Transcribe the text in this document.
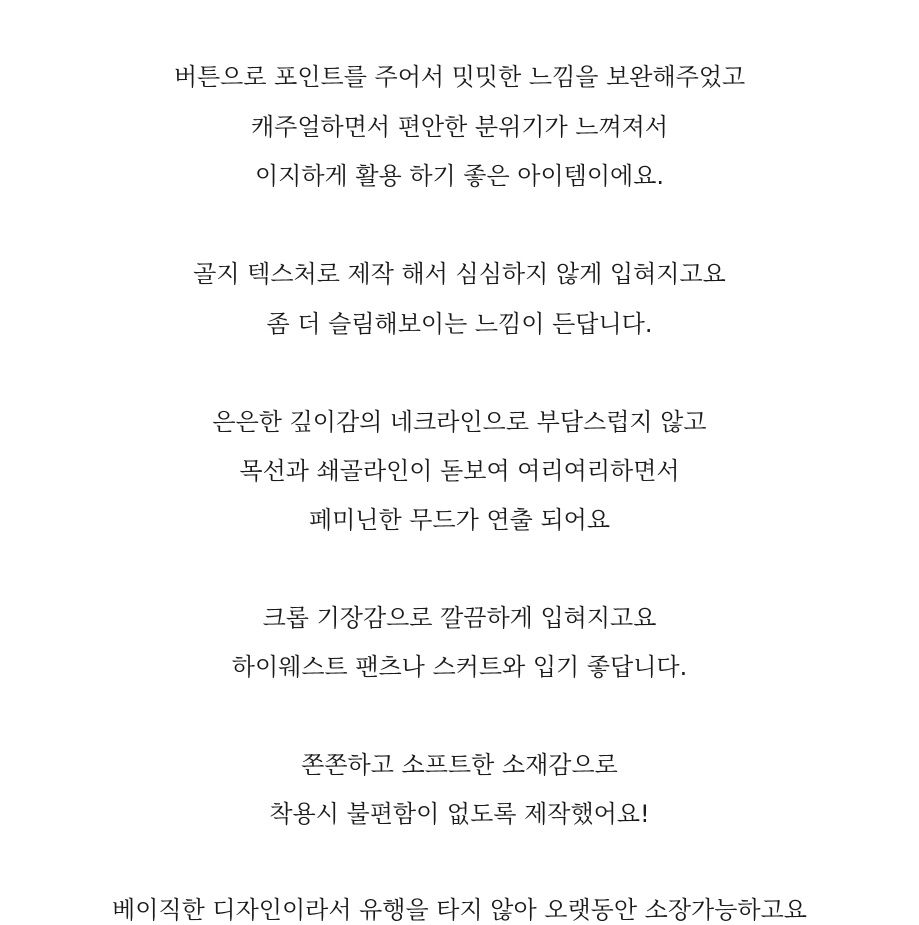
버튼으로 포인트를 주어서 밋밋한 느낌을 보완해주었고
캐주얼하면서 편안한 분위기가 느껴져서
이지하게 활용 하기 좋은 아이템이에요.
골지 텍스처로 제작 해서 심심하지 않게 입혀지고요
좀 더 슬림해보이는 느낌이 든답니다.
은은한 깊이감의 네크라인으로 부담스럽지 않고
목선과 쇄골라인이 돋보여 여리여리하면서
페미닌한 무드가 연출 되어요
크롭 기장감으로 깔끔하게 입혀지고요
하이웨스트 팬츠나 스커트와 입기 좋답니다.
쫀쫀하고 소프트한 소재감으로
착용시 불편함이 없도록 제작했어요!
베이직한 디자인이라서 유행을 타지 않아 오랫동안 소장가능하고요
